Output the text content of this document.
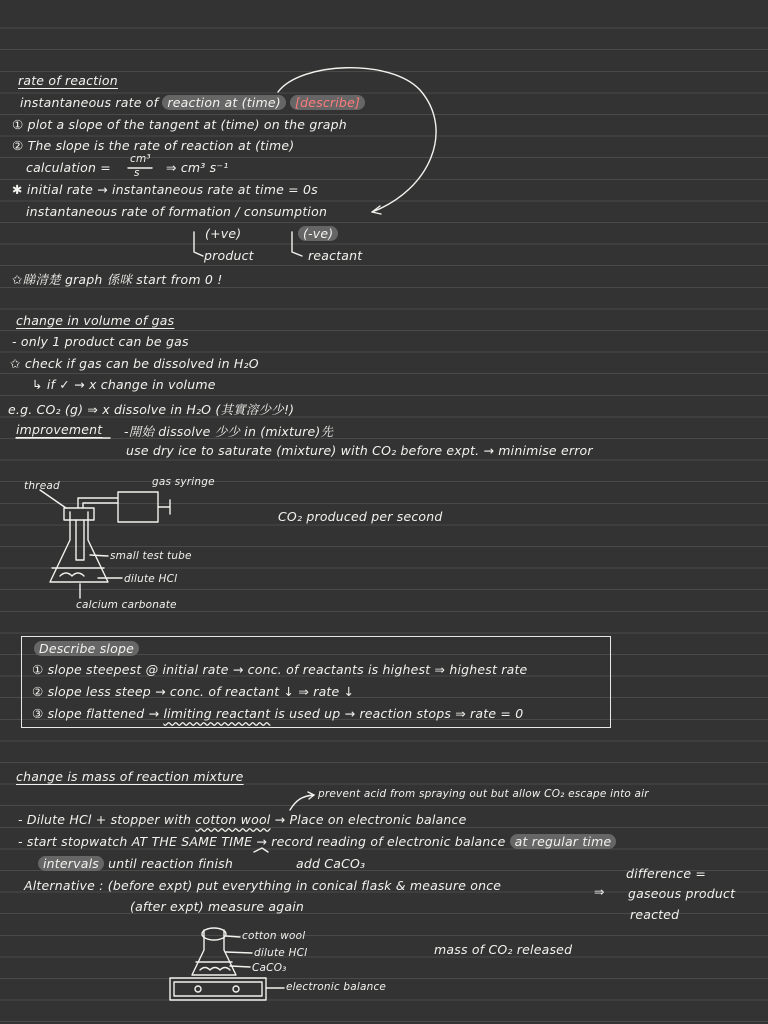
rate of reaction
instantaneous rate of reaction at (time) [describe]
① plot a slope of the tangent at (time) on the graph
② The slope is the rate of reaction at (time)
calculation =
cm³
s ⇒ cm³ s⁻¹
✱ initial rate → instantaneous rate at time = 0s
instantaneous rate of formation / consumption
(+ve)	(-ve)
product	reactant
✩睇清楚 graph 係咪 start from 0 !
change in volume of gas
- only 1 product can be gas
✩ check if gas can be dissolved in H₂O
↳ if ✓ → x change in volume
e.g. CO₂ (g) ⇒ x dissolve in H₂O (其實溶少少!)
improvement -開始 dissolve 少少 in (mixture)先
use dry ice to saturate (mixture) with CO₂ before expt. → minimise error
thread	gas syringe
small test tube
dilute HCl
calcium carbonate
CO₂ produced per second
Describe slope
① slope steepest @ initial rate → conc. of reactants is highest ⇒ highest rate
② slope less steep → conc. of reactant ↓ ⇒ rate ↓
③ slope flattened → limiting reactant is used up → reaction stops ⇒ rate = 0
change is mass of reaction mixture
prevent acid from spraying out but allow CO₂ escape into air
- Dilute HCl + stopper with cotton wool → Place on electronic balance
- start stopwatch AT THE SAME TIME → record reading of electronic balance at regular time
intervals until reaction finish	add CaCO₃
Alternative : (before expt) put everything in conical flask & measure once	⇒
difference =
gaseous product
reacted
(after expt) measure again
cotton wool
dilute HCl
CaCO₃
electronic balance
mass of CO₂ released
